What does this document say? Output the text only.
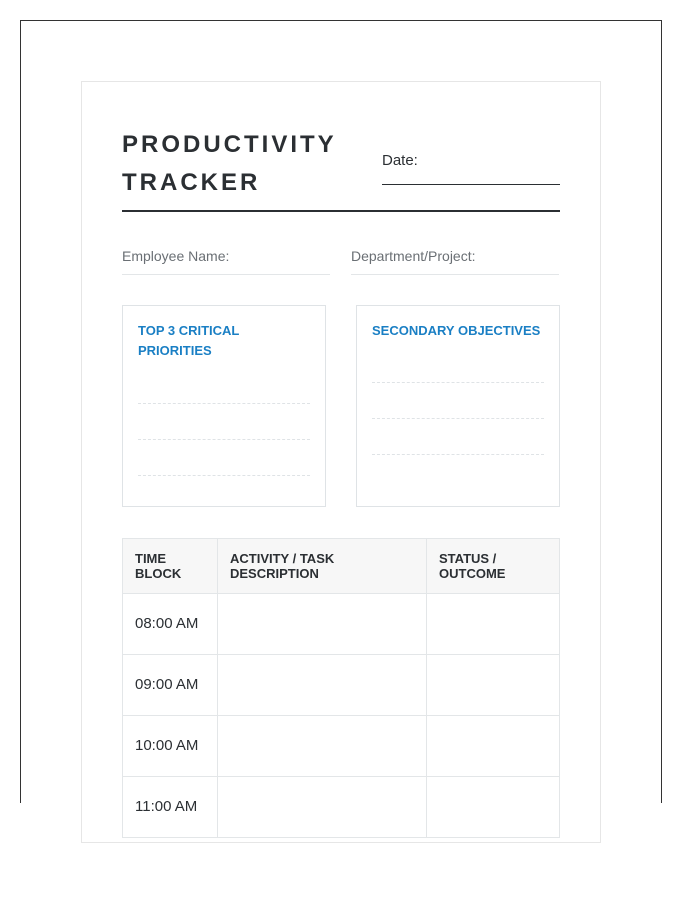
PRODUCTIVITY TRACKER
Date:
Employee Name:	Department/Project:
TOP 3 CRITICAL PRIORITIES
SECONDARY OBJECTIVES
TIME BLOCK	ACTIVITY / TASK DESCRIPTION	STATUS / OUTCOME
08:00 AM		
09:00 AM		
10:00 AM		
11:00 AM		
